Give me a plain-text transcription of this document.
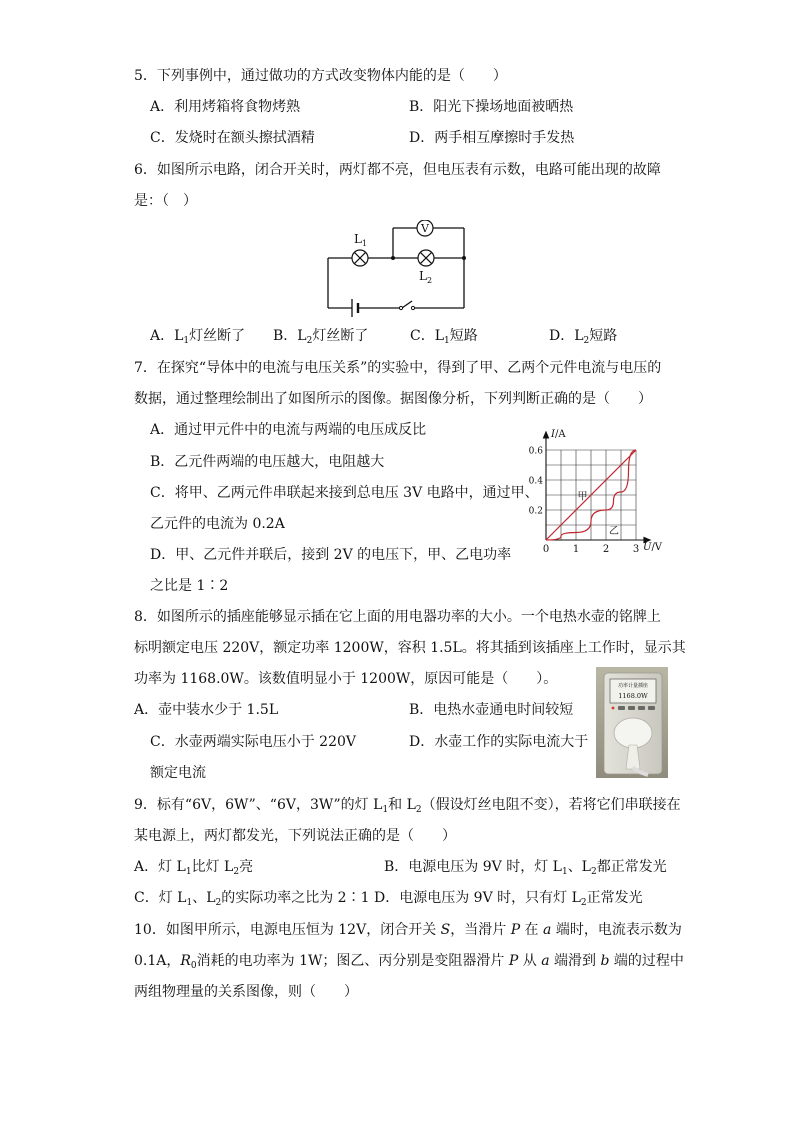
5．下列事例中，通过做功的方式改变物体内能的是（　　）
A．利用烤箱将食物烤熟	B．阳光下操场地面被晒热
C．发烧时在额头擦拭酒精	D．两手相互摩擦时手发热
6．如图所示电路，闭合开关时，两灯都不亮，但电压表有示数，电路可能出现的故障
是：（　）
V
$L_1$
$L_2$
A．$L_1$灯丝断了 B．$L_2$灯丝断了	C．$L_1$短路	D．$L_2$短路
7．在探究“导体中的电流与电压关系”的实验中，得到了甲、乙两个元件电流与电压的
数据，通过整理绘制出了如图所示的图像。据图像分析，下列判断正确的是（　　）
A．通过甲元件中的电流与两端的电压成反比
B．乙元件两端的电压越大，电阻越大
C．将甲、乙两元件串联起来接到总电压 3V 电路中，通过甲、
乙元件的电流为 0.2A
D．甲、乙元件并联后，接到 2V 的电压下，甲、乙电功率
之比是 1∶2
0 1 2 3
0.2
0.4
0.6
I/A
U/V
甲
乙
8．如图所示的插座能够显示插在它上面的用电器功率的大小。一个电热水壶的铭牌上
标明额定电压 220V，额定功率 1200W，容积 1.5L。将其插到该插座上工作时，显示其
功率为 1168.0W。该数值明显小于 1200W，原因可能是（　　）。
A．壶中装水少于 1.5L	B．电热水壶通电时间较短
C．水壶两端实际电压小于 220V	D．水壶工作的实际电流大于
额定电流
功率计量插座
1168.0W
9．标有“6V，6W”、“6V，3W”的灯 $L_1$和 $L_2$（假设灯丝电阻不变），若将它们串联接在
某电源上，两灯都发光，下列说法正确的是（　　）
A．灯 $L_1$比灯 $L_2$亮	B．电源电压为 9V 时，灯 $L_1$、$L_2$都正常发光
C．灯 $L_1$、$L_2$的实际功率之比为 2∶1 D．电源电压为 9V 时，只有灯 $L_2$正常发光
10．如图甲所示，电源电压恒为 12V，闭合开关 S，当滑片 P 在 a 端时，电流表示数为
0.1A，$R_0$消耗的电功率为 1W；图乙、丙分别是变阻器滑片 P 从 a 端滑到 b 端的过程中
两组物理量的关系图像，则（　　）
